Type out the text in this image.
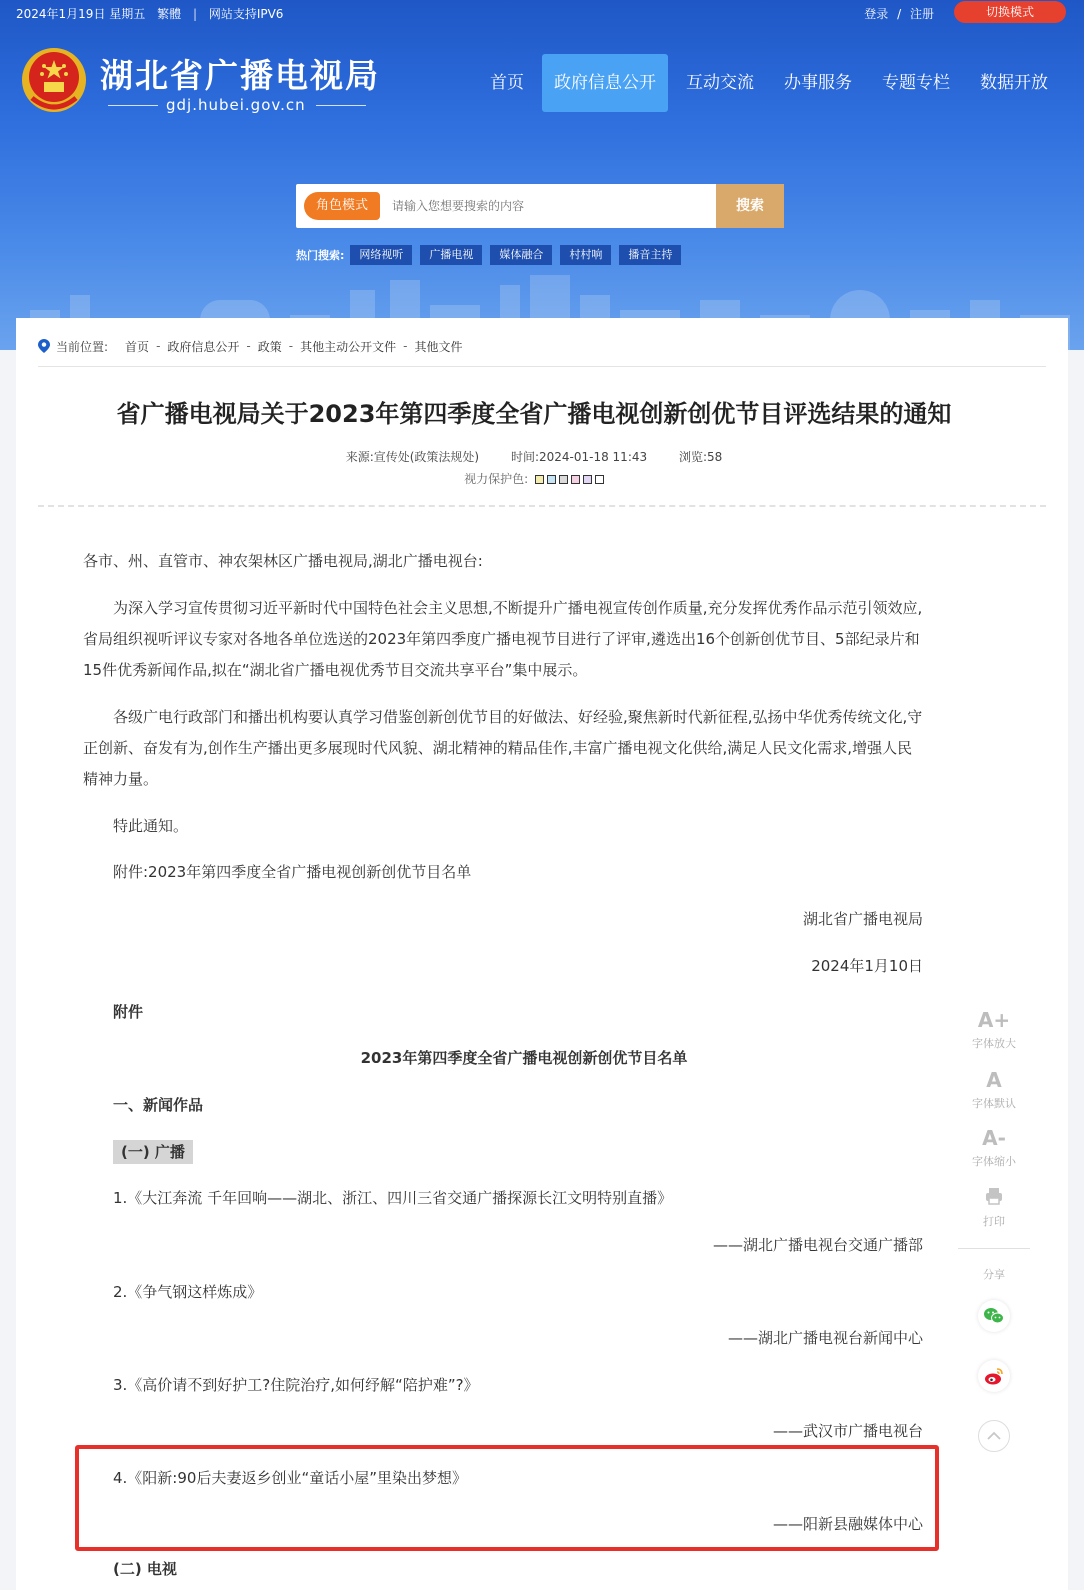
2024年1月19日 星期五 繁體 | 网站支持IPV6	登录 / 注册	切换模式
湖北省广播电视局
gdj.hubei.gov.cn
首页	政府信息公开	互动交流	办事服务	专题专栏	数据开放
角色模式
请输入您想要搜索的内容	搜索
热门搜索:	网络视听	广播电视	媒体融合	村村响	播音主持
当前位置: 首页 - 政府信息公开 - 政策 - 其他主动公开文件 - 其他文件
省广播电视局关于2023年第四季度全省广播电视创新创优节目评选结果的通知
来源:宣传处(政策法规处)	时间:2024-01-18 11:43	浏览:58
视力保护色:
各市、州、直管市、神农架林区广播电视局,湖北广播电视台:
为深入学习宣传贯彻习近平新时代中国特色社会主义思想,不断提升广播电视宣传创作质量,充分发挥优秀作品示范引领效应,省局组织视听评议专家对各地各单位选送的2023年第四季度广播电视节目进行了评审,遴选出16个创新创优节目、5部纪录片和15件优秀新闻作品,拟在“湖北省广播电视优秀节目交流共享平台”集中展示。
各级广电行政部门和播出机构要认真学习借鉴创新创优节目的好做法、好经验,聚焦新时代新征程,弘扬中华优秀传统文化,守正创新、奋发有为,创作生产播出更多展现时代风貌、湖北精神的精品佳作,丰富广播电视文化供给,满足人民文化需求,增强人民精神力量。
特此通知。
附件:2023年第四季度全省广播电视创新创优节目名单
湖北省广播电视局
2024年1月10日
附件
2023年第四季度全省广播电视创新创优节目名单
一、新闻作品
(一) 广播
1.《大江奔流 千年回响——湖北、浙江、四川三省交通广播探源长江文明特别直播》
——湖北广播电视台交通广播部
2.《争气钢这样炼成》
——湖北广播电视台新闻中心
3.《高价请不到好护工?住院治疗,如何纾解“陪护难”?》
——武汉市广播电视台
4.《阳新:90后夫妻返乡创业“童话小屋”里染出梦想》
——阳新县融媒体中心
(二) 电视
A+
字体放大
A
字体默认
A-
字体缩小
打印
分享
